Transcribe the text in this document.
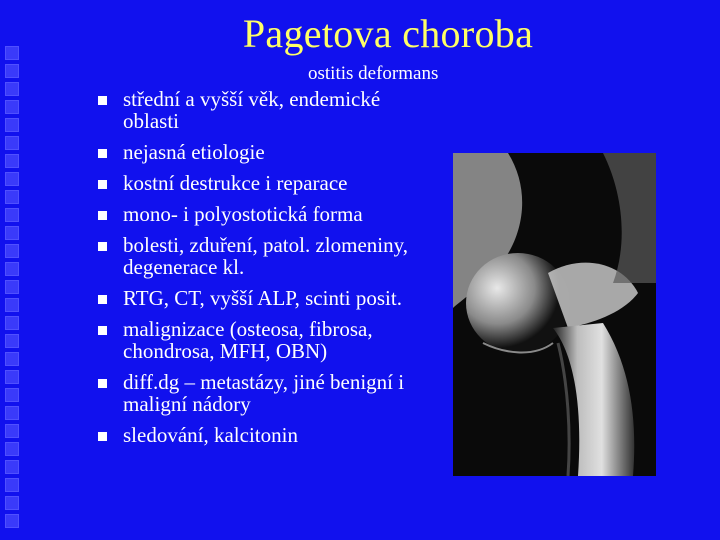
Pagetova choroba
ostitis deformans
střední a vyšší věk, endemické oblasti
nejasná etiologie
kostní destrukce i reparace
mono- i polyostotická forma
bolesti, zduření, patol. zlomeniny, degenerace kl.
RTG, CT, vyšší ALP, scinti posit.
malignizace (osteosa, fibrosa, chondrosa, MFH, OBN)
diff.dg – metastázy, jiné benigní i maligní nádory
sledování, kalcitonin
